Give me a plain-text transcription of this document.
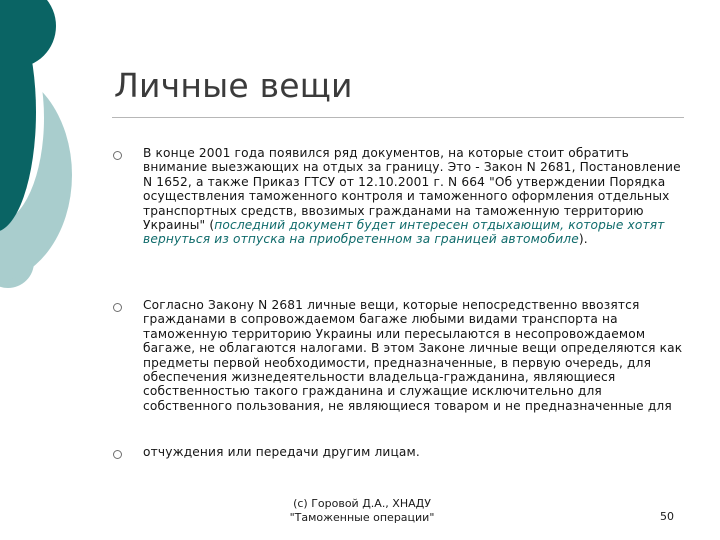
Личные вещи
В конце 2001 года появился ряд документов, на которые стоит обратить внимание выезжающих на отдых за границу. Это - Закон N 2681, Постановление N 1652, а также Приказ ГТСУ от 12.10.2001 г. N 664 "Об утверждении Порядка осуществления таможенного контроля и таможенного оформления отдельных транспортных средств, ввозимых гражданами на таможенную территорию Украины" (последний документ будет интересен отдыхающим, которые хотят вернуться из отпуска на приобретенном за границей автомобиле).
Согласно Закону N 2681 личные вещи, которые непосредственно ввозятся гражданами в сопровождаемом багаже любыми видами транспорта на таможенную территорию Украины или пересылаются в несопровождаемом багаже, не облагаются налогами. В этом Законе личные вещи определяются как предметы первой необходимости, предназначенные, в первую очередь, для обеспечения жизнедеятельности владельца-гражданина, являющиеся собственностью такого гражданина и служащие исключительно для собственного пользования, не являющиеся товаром и не предназначенные для
отчуждения или передачи другим лицам.
(c) Горовой Д.А., ХНАДУ
"Таможенные операции"	50
